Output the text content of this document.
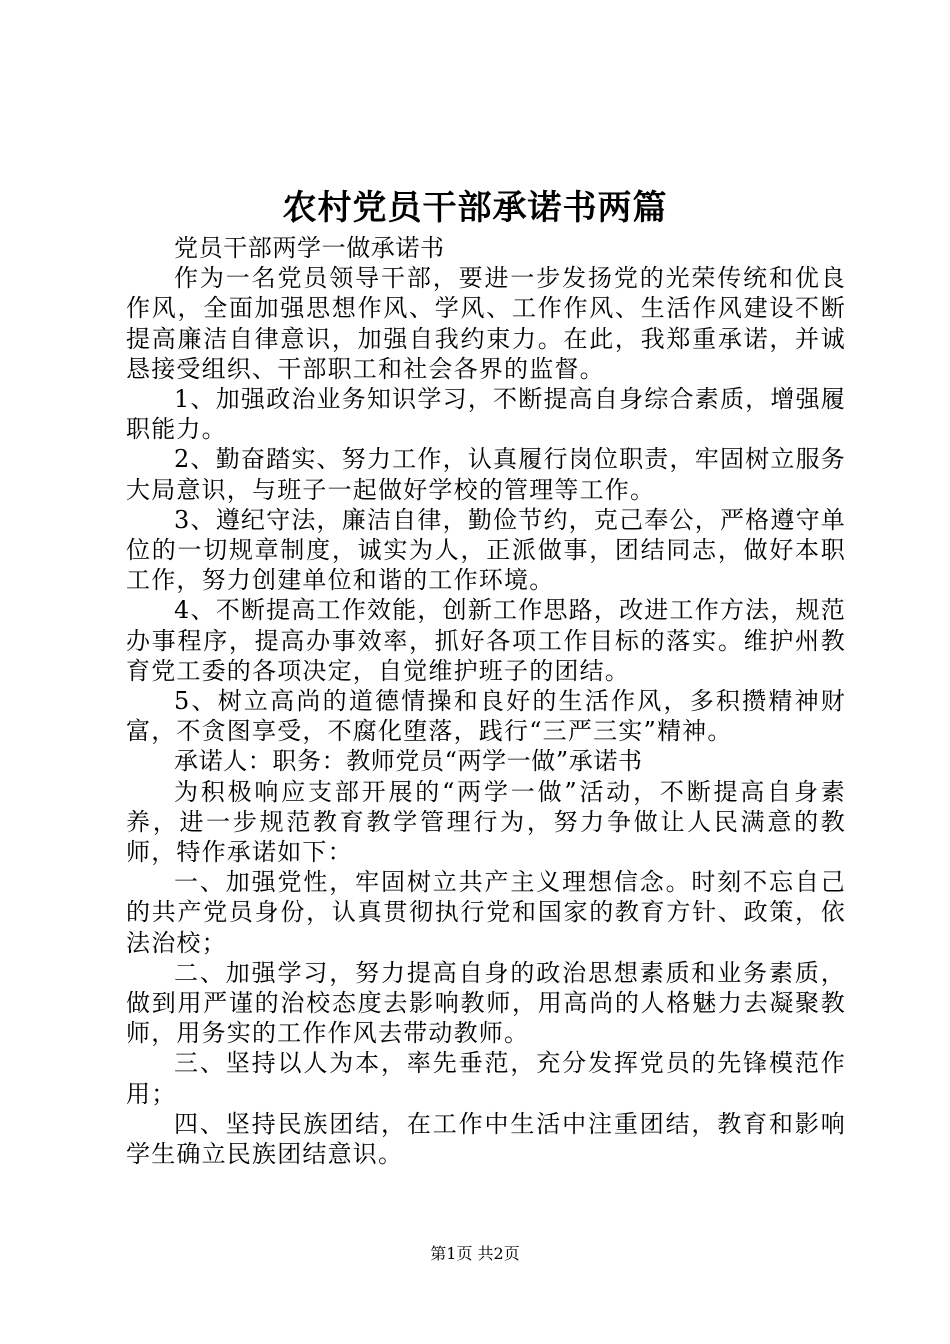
农村党员干部承诺书两篇

党员干部两学一做承诺书

作为一名党员领导干部，要进一步发扬党的光荣传统和优良作风，全面加强思想作风、学风、工作作风、生活作风建设不断提高廉洁自律意识，加强自我约束力。在此，我郑重承诺，并诚恳接受组织、干部职工和社会各界的监督。

1、加强政治业务知识学习，不断提高自身综合素质，增强履职能力。

2、勤奋踏实、努力工作，认真履行岗位职责，牢固树立服务大局意识，与班子一起做好学校的管理等工作。

3、遵纪守法，廉洁自律，勤俭节约，克己奉公，严格遵守单位的一切规章制度，诚实为人，正派做事，团结同志，做好本职工作，努力创建单位和谐的工作环境。

4、不断提高工作效能，创新工作思路，改进工作方法，规范办事程序，提高办事效率，抓好各项工作目标的落实。维护州教育党工委的各项决定，自觉维护班子的团结。

5、树立高尚的道德情操和良好的生活作风，多积攒精神财富，不贪图享受，不腐化堕落，践行“三严三实”精神。

承诺人：职务：教师党员“两学一做”承诺书

为积极响应支部开展的“两学一做”活动，不断提高自身素养，进一步规范教育教学管理行为，努力争做让人民满意的教师，特作承诺如下：

一、加强党性，牢固树立共产主义理想信念。时刻不忘自己的共产党员身份，认真贯彻执行党和国家的教育方针、政策，依法治校；

二、加强学习，努力提高自身的政治思想素质和业务素质，做到用严谨的治校态度去影响教师，用高尚的人格魅力去凝聚教师，用务实的工作作风去带动教师。

三、坚持以人为本，率先垂范，充分发挥党员的先锋模范作用；

四、坚持民族团结，在工作中生活中注重团结，教育和影响学生确立民族团结意识。

第1页 共2页
